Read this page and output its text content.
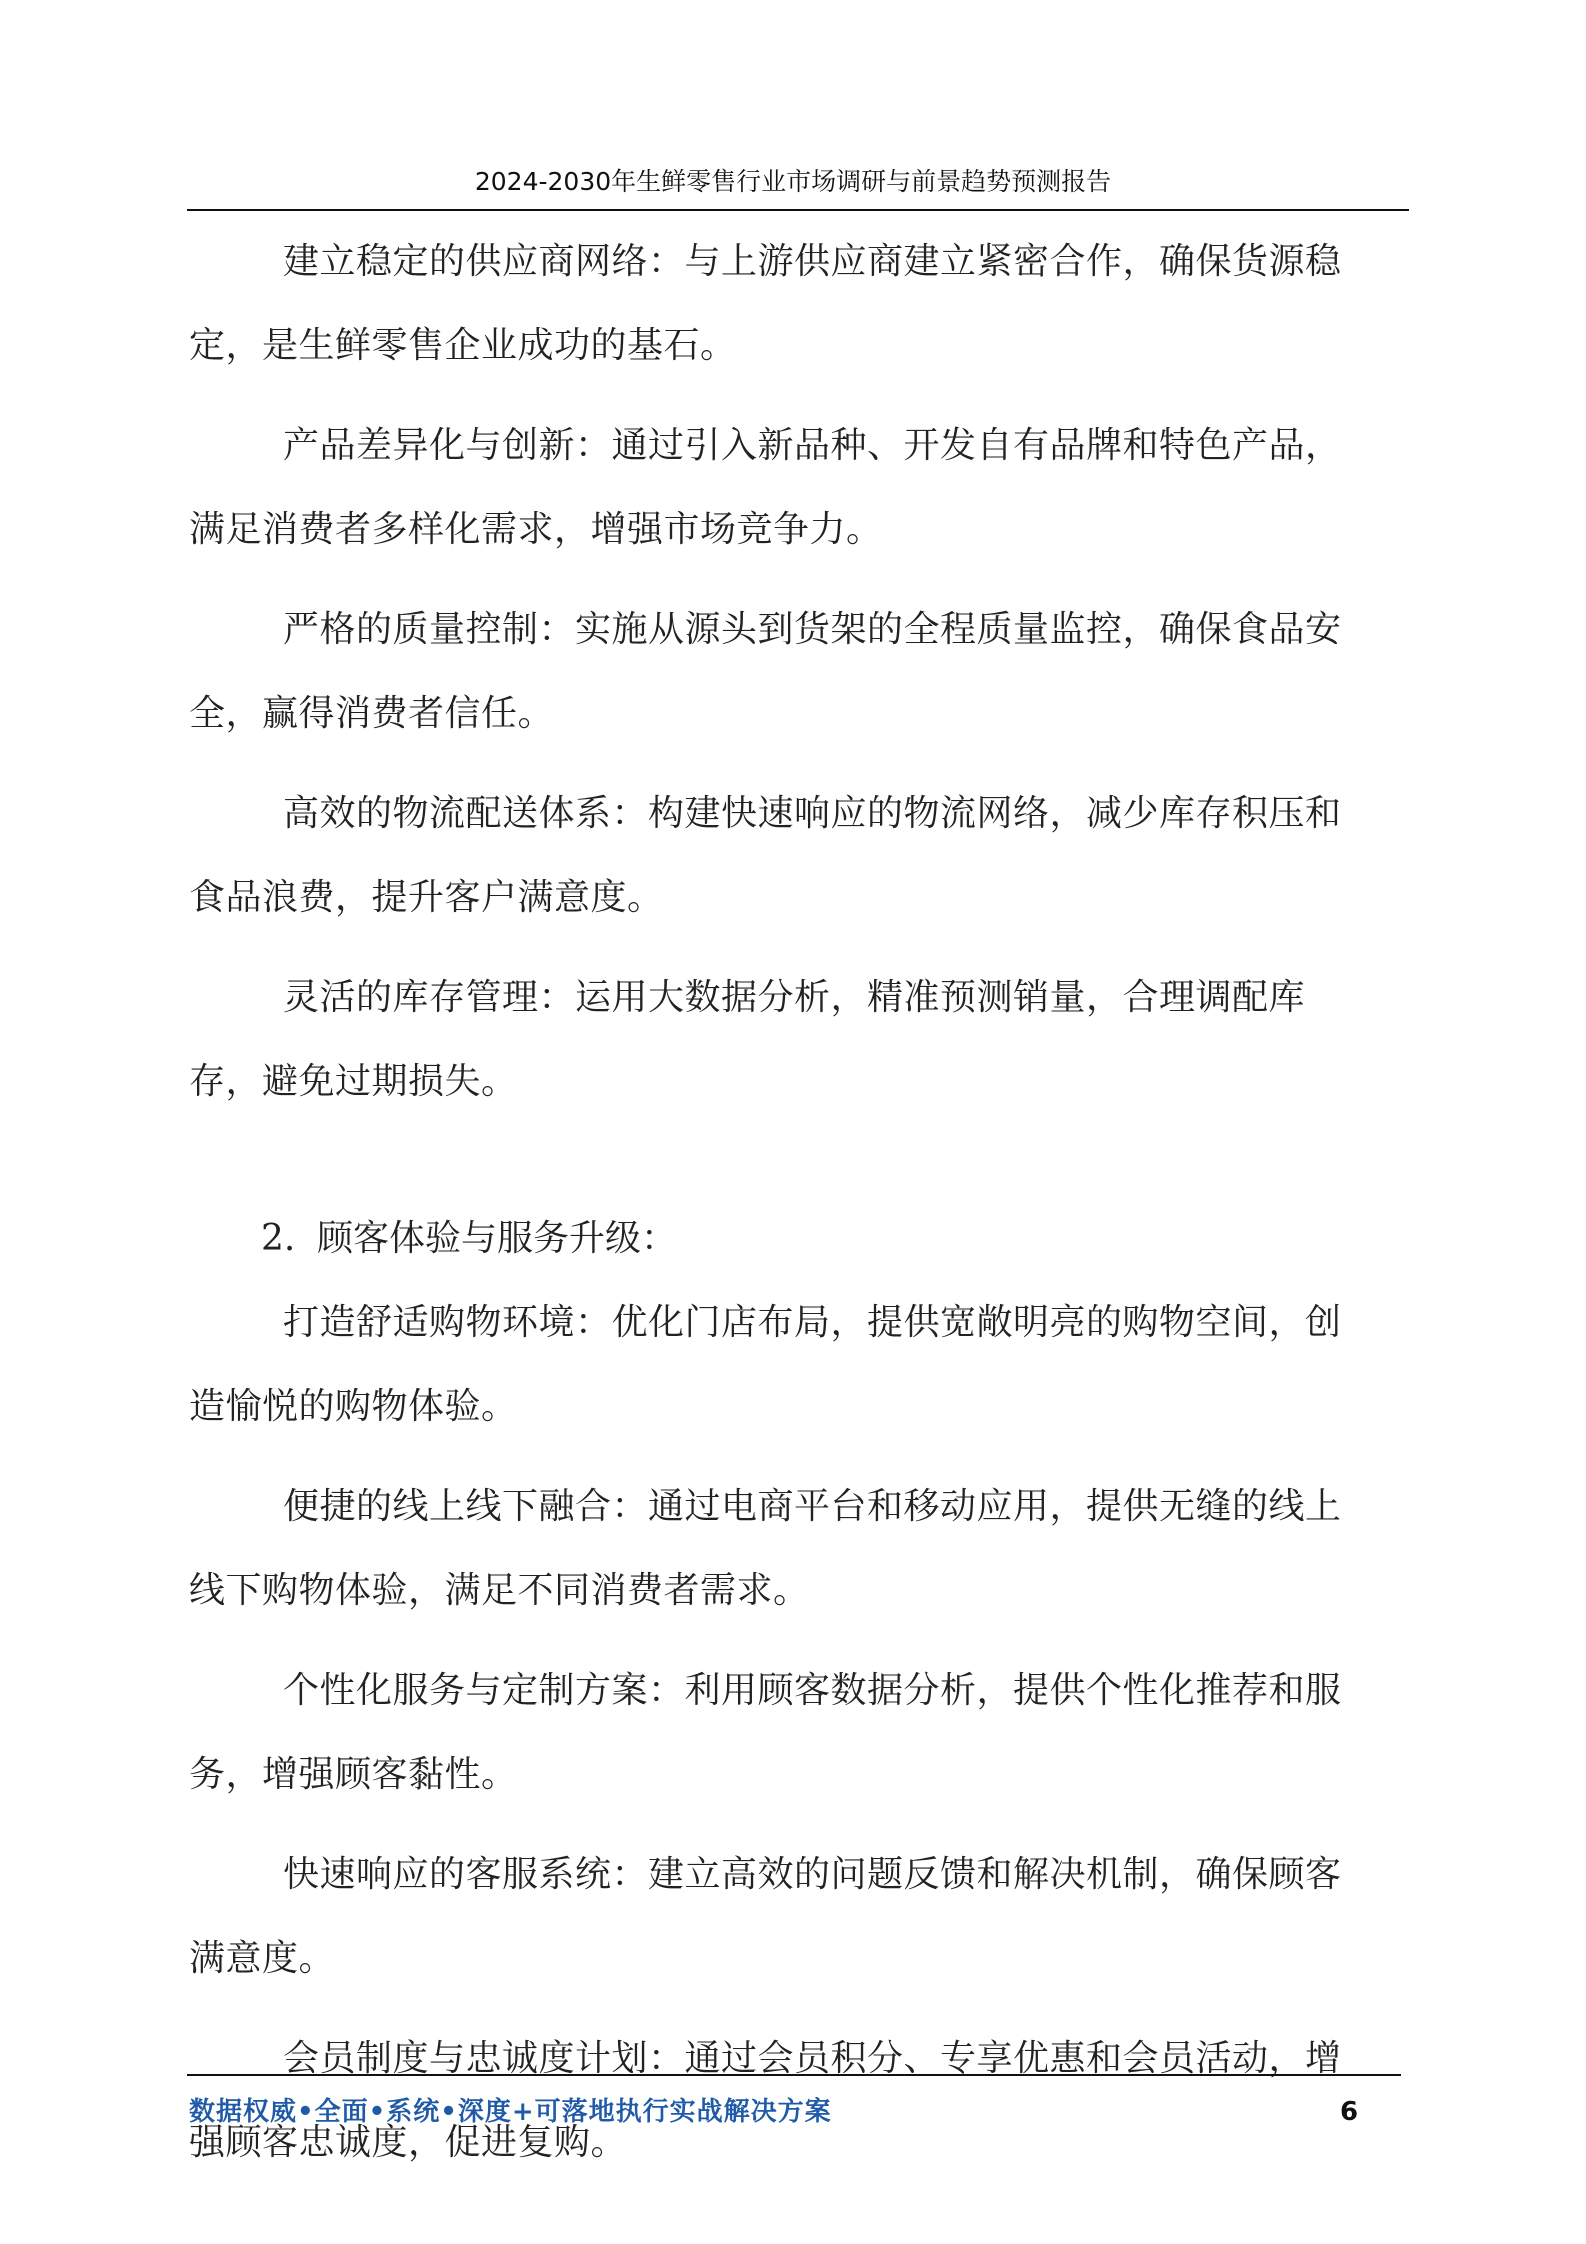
2024-2030年生鲜零售行业市场调研与前景趋势预测报告

建立稳定的供应商网络：与上游供应商建立紧密合作，确保货源稳定，是生鲜零售企业成功的基石。

产品差异化与创新：通过引入新品种、开发自有品牌和特色产品，满足消费者多样化需求，增强市场竞争力。

严格的质量控制：实施从源头到货架的全程质量监控，确保食品安全，赢得消费者信任。

高效的物流配送体系：构建快速响应的物流网络，减少库存积压和食品浪费，提升客户满意度。

灵活的库存管理：运用大数据分析，精准预测销量，合理调配库存，避免过期损失。

2. 顾客体验与服务升级：

打造舒适购物环境：优化门店布局，提供宽敞明亮的购物空间，创造愉悦的购物体验。

便捷的线上线下融合：通过电商平台和移动应用，提供无缝的线上线下购物体验，满足不同消费者需求。

个性化服务与定制方案：利用顾客数据分析，提供个性化推荐和服务，增强顾客黏性。

快速响应的客服系统：建立高效的问题反馈和解决机制，确保顾客满意度。

会员制度与忠诚度计划：通过会员积分、专享优惠和会员活动，增强顾客忠诚度，促进复购。

数据权威•全面•系统•深度+可落地执行实战解决方案	6
